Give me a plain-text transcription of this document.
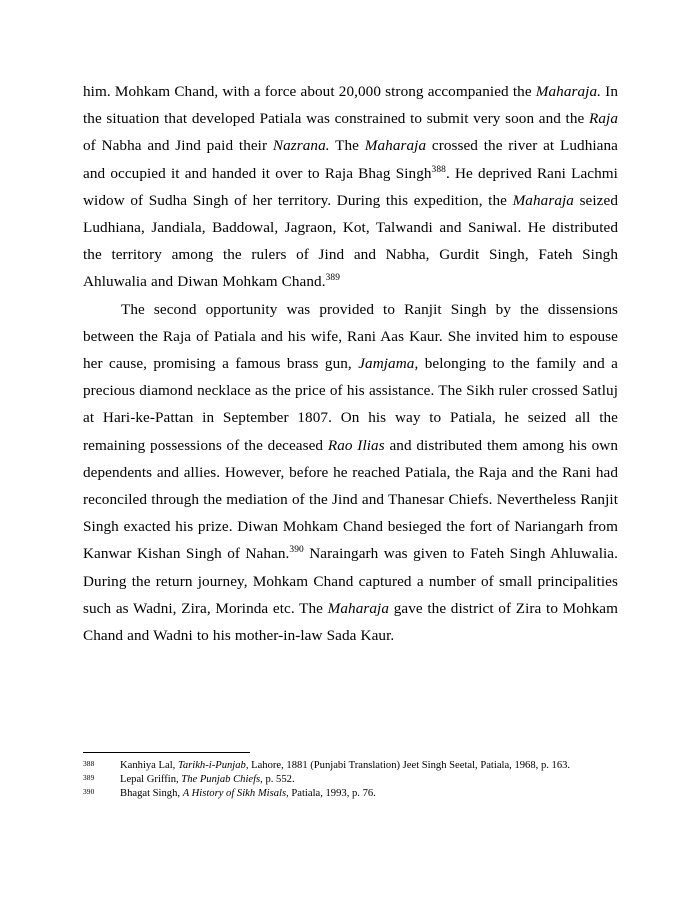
him. Mohkam Chand, with a force about 20,000 strong accompanied the Maharaja. In the situation that developed Patiala was constrained to submit very soon and the Raja of Nabha and Jind paid their Nazrana. The Maharaja crossed the river at Ludhiana and occupied it and handed it over to Raja Bhag Singh$^{388}$. He deprived Rani Lachmi widow of Sudha Singh of her territory. During this expedition, the Maharaja seized Ludhiana, Jandiala, Baddowal, Jagraon, Kot, Talwandi and Saniwal. He distributed the territory among the rulers of Jind and Nabha, Gurdit Singh, Fateh Singh Ahluwalia and Diwan Mohkam Chand.$^{389}$

The second opportunity was provided to Ranjit Singh by the dissensions between the Raja of Patiala and his wife, Rani Aas Kaur. She invited him to espouse her cause, promising a famous brass gun, Jamjama, belonging to the family and a precious diamond necklace as the price of his assistance. The Sikh ruler crossed Satluj at Hari-ke-Pattan in September 1807. On his way to Patiala, he seized all the remaining possessions of the deceased Rao Ilias and distributed them among his own dependents and allies. However, before he reached Patiala, the Raja and the Rani had reconciled through the mediation of the Jind and Thanesar Chiefs. Nevertheless Ranjit Singh exacted his prize. Diwan Mohkam Chand besieged the fort of Nariangarh from Kanwar Kishan Singh of Nahan.$^{390}$ Naraingarh was given to Fateh Singh Ahluwalia. During the return journey, Mohkam Chand captured a number of small principalities such as Wadni, Zira, Morinda etc. The Maharaja gave the district of Zira to Mohkam Chand and Wadni to his mother-in-law Sada Kaur.

388 Kanhiya Lal, Tarikh-i-Punjab, Lahore, 1881 (Punjabi Translation) Jeet Singh Seetal, Patiala, 1968, p. 163.
389 Lepal Griffin, The Punjab Chiefs, p. 552.
390 Bhagat Singh, A History of Sikh Misals, Patiala, 1993, p. 76.
